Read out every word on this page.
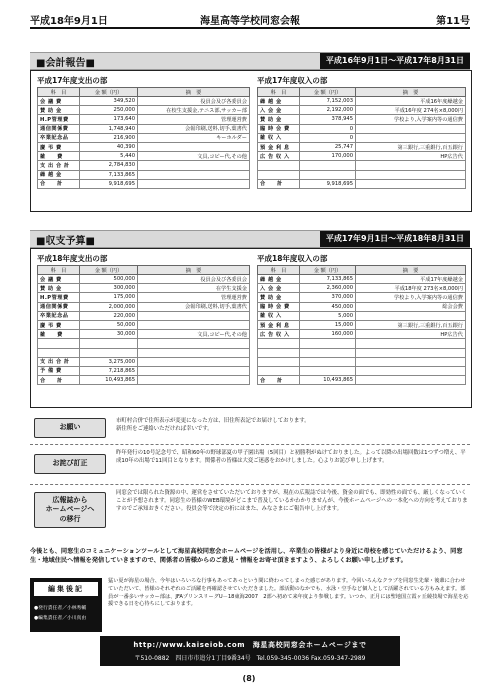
平成18年9月1日	海星高等学校同窓会報	第11号
■会計報告■	平成16年9月1日〜平成17年8月31日
平成17年度支出の部
科　目	金 額（円）	摘　要
会 議 費	349,520	役員会及び各委員会
賛 助 金	250,000	在校生支援金,テニス部,サッカー部
H.P管理費	173,640	管理運営費
通信関係費	1,748,940	会報印刷,送料,切手,葉書代
卒業記念品	216,900	キーホルダー
慶 弔 費	40,390	
雑　　費	5,440	文具,コピー代,その他
支 出 合 計	2,784,830	
繰 越 金	7,133,865	
合　　計	9,918,695	
平成17年度収入の部
科　目	金 額（円）	摘　要
繰 越 金	7,152,003	平成16年度繰越金
入 会 金	2,192,000	平成16年度 274名×8,000円
賛 助 金	378,945	学校より,入学案内等の通信費
臨 時 会 費	0	
雑 収 入	0	
預 金 利 息	25,747	第三銀行,三重銀行,百五銀行
広 告 収 入	170,000	HP広告代

合　　計	9,918,695	
■収支予算■	平成17年9月1日〜平成18年8月31日
平成18年度支出の部
科　目	金 額（円）	摘　要
会 議 費	500,000	役員会及び各委員会
賛 助 金	300,000	在学生支援金
H.P管理費	175,000	管理運営費
通信関係費	2,000,000	会報印刷,送料,切手,葉書代
卒業記念品	220,000	
慶 弔 費	50,000	
雑　　費	30,000	文具,コピー代,その他

支 出 合 計	3,275,000	
予 備 費	7,218,865	
合　　計	10,493,865	
平成18年度収入の部
科　目	金 額（円）	摘　要
繰 越 金	7,133,865	平成17年度繰越金
入 会 金	2,360,000	平成18年度 273名×8,000円
賛 助 金	370,000	学校より,入学案内等の通信費
臨 時 会 費	450,000	総会会費
雑 収 入	5,000	
預 金 利 息	15,000	第三銀行,三重銀行,百五銀行
広 告 収 入	160,000	HP広告代

合　　計	10,493,865	
お願い
市町村合併で住所表示が変更になった方は、旧住所表記でお届けしております。
新住所をご連絡いただければ幸いです。
お詫び訂正
昨年発行の10号記念号で、昭和60年の野球部夏の甲子園出場（5回目）と初勝利がぬけておりました。よって以降の出場回数は1つずつ増え、平成10年の出場で11回目となります。関係者の皆様は大変ご迷惑をおかけしました。心よりお詫び申し上げます。
広報誌から
ホームページへ
の移行
同窓会では限られた資源の中、運営をさせていただいておりますが、現在の広報誌では今後、資金の面でも、即効性の面でも、厳しくなっていくことが予想されます。同窓生の皆様のWEB環境がどこまで普及しているかわかりませんが、今後ホームページへの一本化への方向を考えておりますのでご承知おきください。役員会等で決定の折にはまた、みなさまにご報告申し上げます。
今後とも、同窓生のコミュニケーションツールとして海星高校同窓会ホームページを活用し、卒業生の皆様がより身近に母校を感じていただけるよう、同窓生・地域住民へ情報を発信していきますので、関係者の皆様からのご意見・情報をお寄せ頂きますよう、よろしくお願い申し上げます。
編集後記
●発行責任者／小林秀輔
●編集責任者／小川真由
猛い夏が海星の場合、今年はいろいろな行事もあってあっという間に終わってしまった感じがあります。今回いろんなクラブを同窓生先輩・後輩に合わせていただいて、皆様のそれぞれのご活躍を再確認させていただきました。部活動のなかでも、水泳・空手など個人として活躍されている方もみえます。部員が一番多いサッカー部は、JFAプリンスリーグU－18東海2007　2部へ初めて来年度より参戦します。いつか、正月には聖地国立霞ヶ丘競技場で海星を応援できる日を心待ちにしております。
http://www.kaiseiob.com　海星高校同窓会ホームページまで
〒510-0882　四日市市追分1丁目9番34号　Tel.059-345-0036 Fax.059-347-2989
(8)
